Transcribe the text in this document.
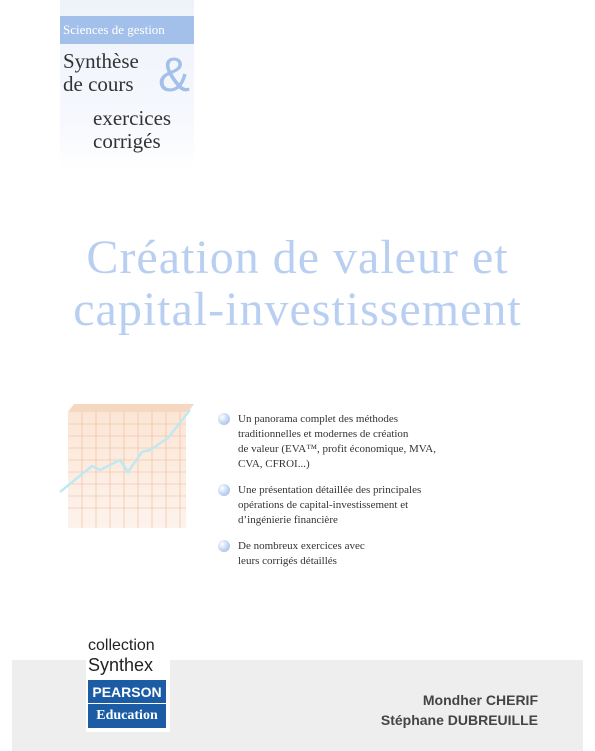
Sciences de gestion
Synthèse
de cours &
exercices
corrigés
Création de valeur et
capital-investissement
Un panorama complet des méthodes
traditionnelles et modernes de création
de valeur (EVA™, profit économique, MVA,
CVA, CFROI...)
Une présentation détaillée des principales
opérations de capital-investissement et
d’ingénierie financière
De nombreux exercices avec
leurs corrigés détaillés
collection
Synthex
PEARSON
Education
Mondher CHERIF
Stéphane DUBREUILLE
